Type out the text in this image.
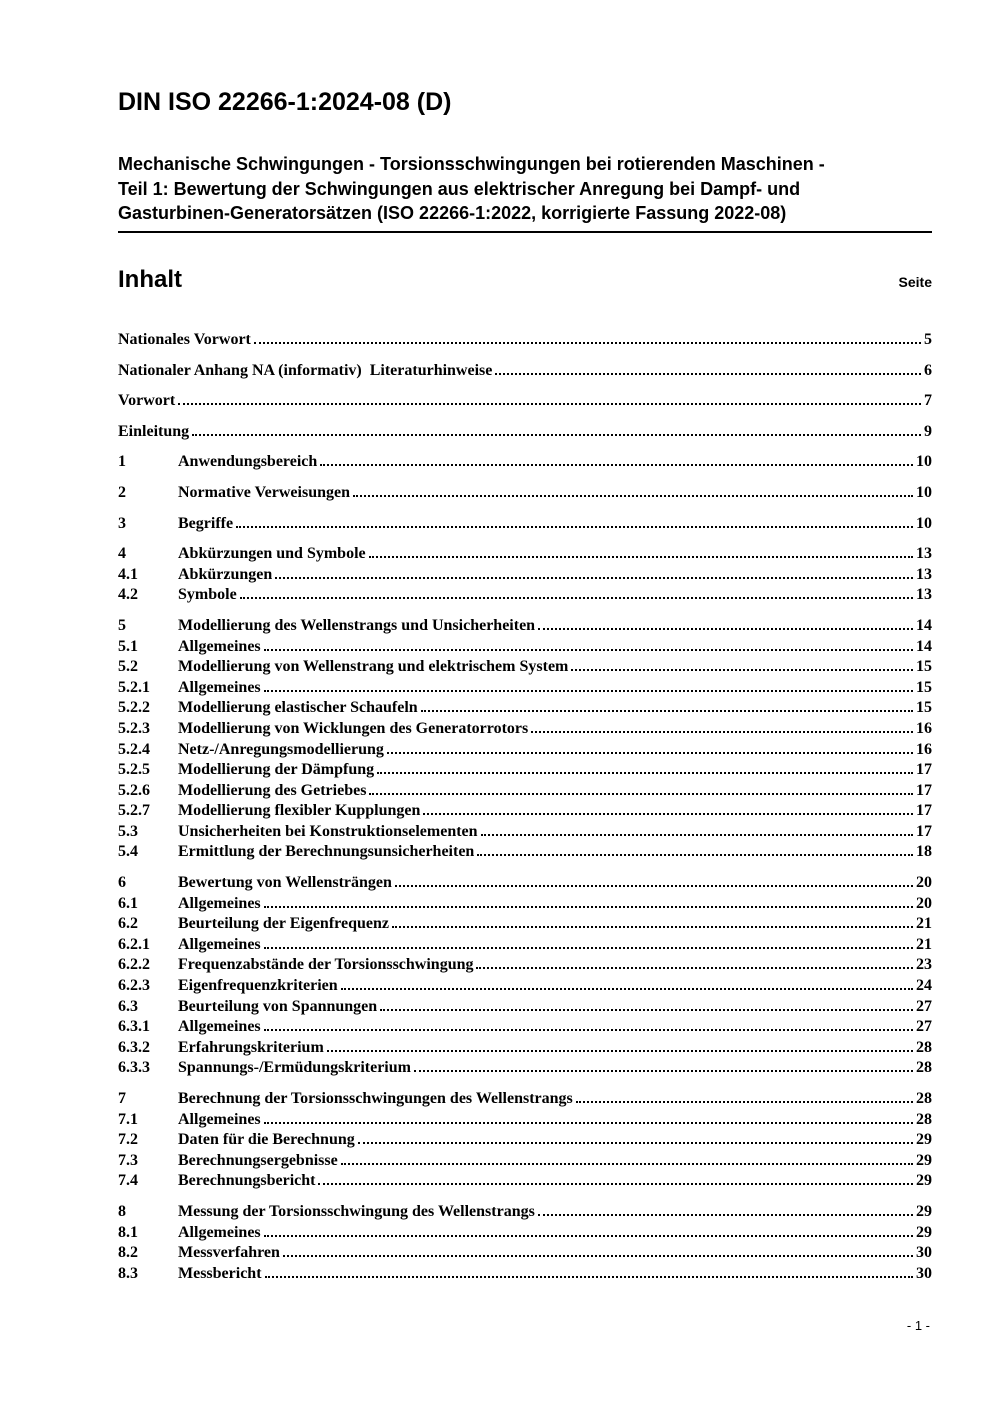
DIN ISO 22266-1:2024-08 (D)
Mechanische Schwingungen - Torsionsschwingungen bei rotierenden Maschinen -
Teil 1: Bewertung der Schwingungen aus elektrischer Anregung bei Dampf- und
Gasturbinen-Generatorsätzen (ISO 22266-1:2022, korrigierte Fassung 2022-08)
Inhalt	Seite
Nationales Vorwort	5
Nationaler Anhang NA (informativ)  Literaturhinweise	6
Vorwort	7
Einleitung	9
1	Anwendungsbereich	10
2	Normative Verweisungen	10
3	Begriffe	10
4	Abkürzungen und Symbole	13
4.1	Abkürzungen	13
4.2	Symbole	13
5	Modellierung des Wellenstrangs und Unsicherheiten	14
5.1	Allgemeines	14
5.2	Modellierung von Wellenstrang und elektrischem System	15
5.2.1	Allgemeines	15
5.2.2	Modellierung elastischer Schaufeln	15
5.2.3	Modellierung von Wicklungen des Generatorrotors	16
5.2.4	Netz-/Anregungsmodellierung	16
5.2.5	Modellierung der Dämpfung	17
5.2.6	Modellierung des Getriebes	17
5.2.7	Modellierung flexibler Kupplungen	17
5.3	Unsicherheiten bei Konstruktionselementen	17
5.4	Ermittlung der Berechnungsunsicherheiten	18
6	Bewertung von Wellensträngen	20
6.1	Allgemeines	20
6.2	Beurteilung der Eigenfrequenz	21
6.2.1	Allgemeines	21
6.2.2	Frequenzabstände der Torsionsschwingung	23
6.2.3	Eigenfrequenzkriterien	24
6.3	Beurteilung von Spannungen	27
6.3.1	Allgemeines	27
6.3.2	Erfahrungskriterium	28
6.3.3	Spannungs-/Ermüdungskriterium	28
7	Berechnung der Torsionsschwingungen des Wellenstrangs	28
7.1	Allgemeines	28
7.2	Daten für die Berechnung	29
7.3	Berechnungsergebnisse	29
7.4	Berechnungsbericht	29
8	Messung der Torsionsschwingung des Wellenstrangs	29
8.1	Allgemeines	29
8.2	Messverfahren	30
8.3	Messbericht	30
- 1 -
